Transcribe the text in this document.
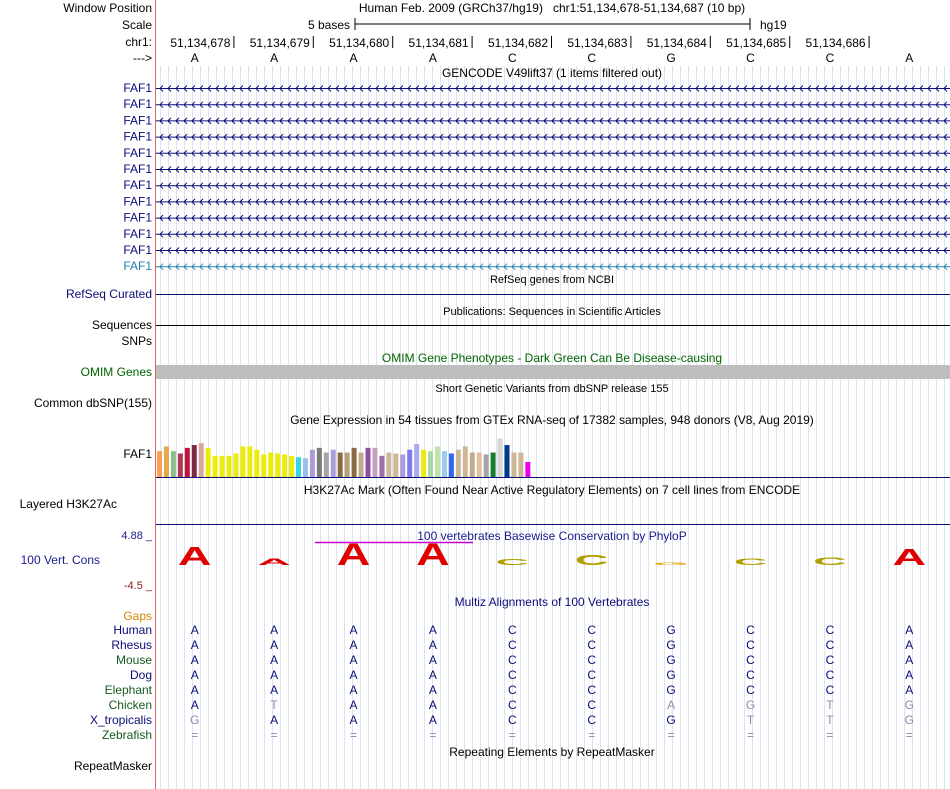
Window Position
Scale
chr1:
--->
Human Feb. 2009 (GRCh37/hg19)   chr1:51,134,678-51,134,687 (10 bp)
5 bases	hg19
51,134,678 51,134,679 51,134,680 51,134,681 51,134,682 51,134,683 51,134,684 51,134,685 51,134,686
A	A	A	A	C	C	G	C	C	A
GENCODE V49lift37 (1 items filtered out)
FAF1
FAF1
FAF1
FAF1
FAF1
FAF1
FAF1
FAF1
FAF1
FAF1
FAF1
FAF1
RefSeq genes from NCBI
RefSeq Curated
Publications: Sequences in Scientific Articles
Sequences
SNPs
OMIM Gene Phenotypes - Dark Green Can Be Disease-causing
OMIM Genes
Short Genetic Variants from dbSNP release 155
Common dbSNP(155)
Gene Expression in 54 tissues from GTEx RNA-seq of 17382 samples, 948 donors (V8, Aug 2019)
FAF1
H3K27Ac Mark (Often Found Near Active Regulatory Elements) on 7 cell lines from ENCODE
Layered H3K27Ac
100 vertebrates Basewise Conservation by PhyloP
4.88 _
100 Vert. Cons
-4.5 _
A A A A C C G C C A
Multiz Alignments of 100 Vertebrates
Gaps
Human	A	A	A	A	C	C	G	C	C	A
Rhesus	A	A	A	A	C	C	G	C	C	A
Mouse	A	A	A	A	C	C	G	C	C	A
Dog	A	A	A	A	C	C	G	C	C	A
Elephant	A	A	A	A	C	C	G	C	C	A
Chicken	A	T	A	A	C	C	A	G	T	G
X_tropicalis	G	A	A	A	C	C	G	T	T	G
Zebrafish	=	=	=	=	=	=	=	=	=	=
Repeating Elements by RepeatMasker
RepeatMasker
